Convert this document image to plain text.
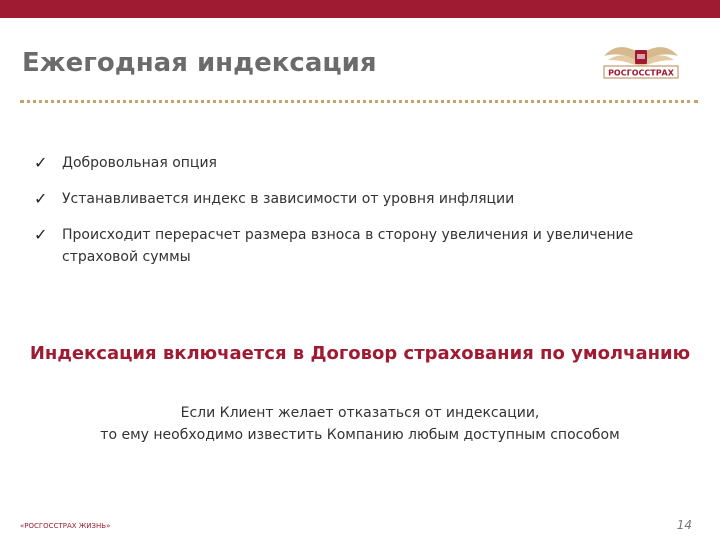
Ежегодная индексация	РОСГОССТРАХ
✓ Добровольная опция
✓ Устанавливается индекс в зависимости от уровня инфляции
✓ Происходит перерасчет размера взноса в сторону увеличения и увеличение
страховой суммы
Индексация включается в Договор страхования по умолчанию
Если Клиент желает отказаться от индексации,
то ему необходимо известить Компанию любым доступным способом
«РОСГОССТРАХ ЖИЗНЬ»	14
